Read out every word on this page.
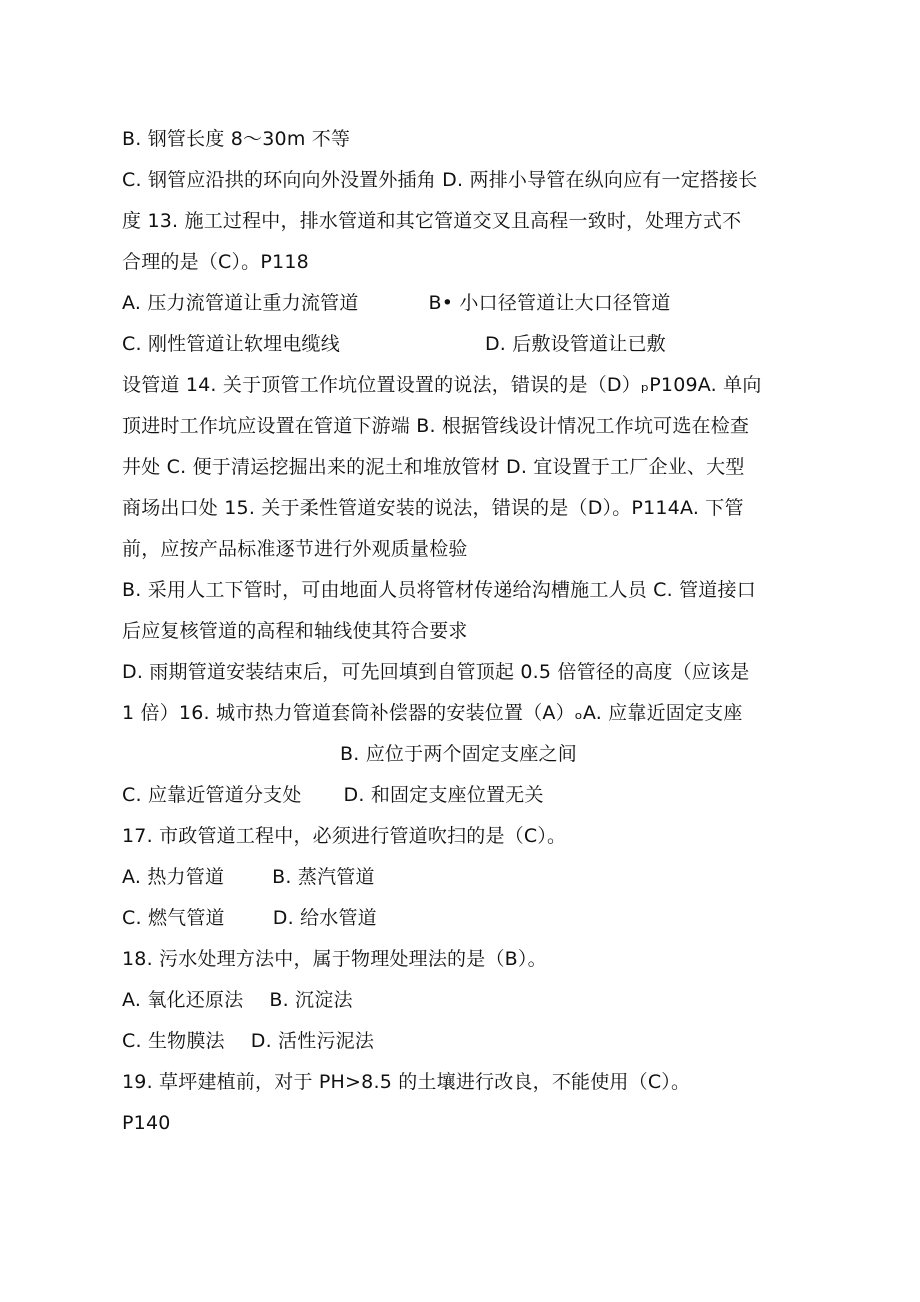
B. 钢管长度 8～30m 不等
C. 钢管应沿拱的环向向外没置外插角 D. 两排小导管在纵向应有一定搭接长
度 13. 施工过程中，排水管道和其它管道交叉且高程一致时，处理方式不
合理的是（C）。P118
A. 压力流管道让重力流管道	B• 小口径管道让大口径管道
C. 刚性管道让软埋电缆线	D. 后敷设管道让已敷
设管道 14. 关于顶管工作坑位置设置的说法，错误的是（D）ₚP109A. 单向
顶进时工作坑应设置在管道下游端 B. 根据管线设计情况工作坑可选在检查
井处 C. 便于清运挖掘出来的泥土和堆放管材 D. 宜设置于工厂企业、大型
商场出口处 15. 关于柔性管道安装的说法，错误的是（D）。P114A. 下管
前，应按产品标准逐节进行外观质量检验
B. 采用人工下管时，可由地面人员将管材传递给沟槽施工人员 C. 管道接口
后应复核管道的高程和轴线使其符合要求
D. 雨期管道安装结束后，可先回填到自管顶起 0.5 倍管径的高度（应该是
1 倍）16. 城市热力管道套筒补偿器的安装位置（A）ₒA. 应靠近固定支座
B. 应位于两个固定支座之间
C. 应靠近管道分支处 D. 和固定支座位置无关
17. 市政管道工程中，必须进行管道吹扫的是（C）。
A. 热力管道	B. 蒸汽管道
C. 燃气管道	D. 给水管道
18. 污水处理方法中，属于物理处理法的是（B）。
A. 氧化还原法 B. 沉淀法
C. 生物膜法 D. 活性污泥法
19. 草坪建植前，对于 PH>8.5 的土壤进行改良，不能使用（C）。
P140
